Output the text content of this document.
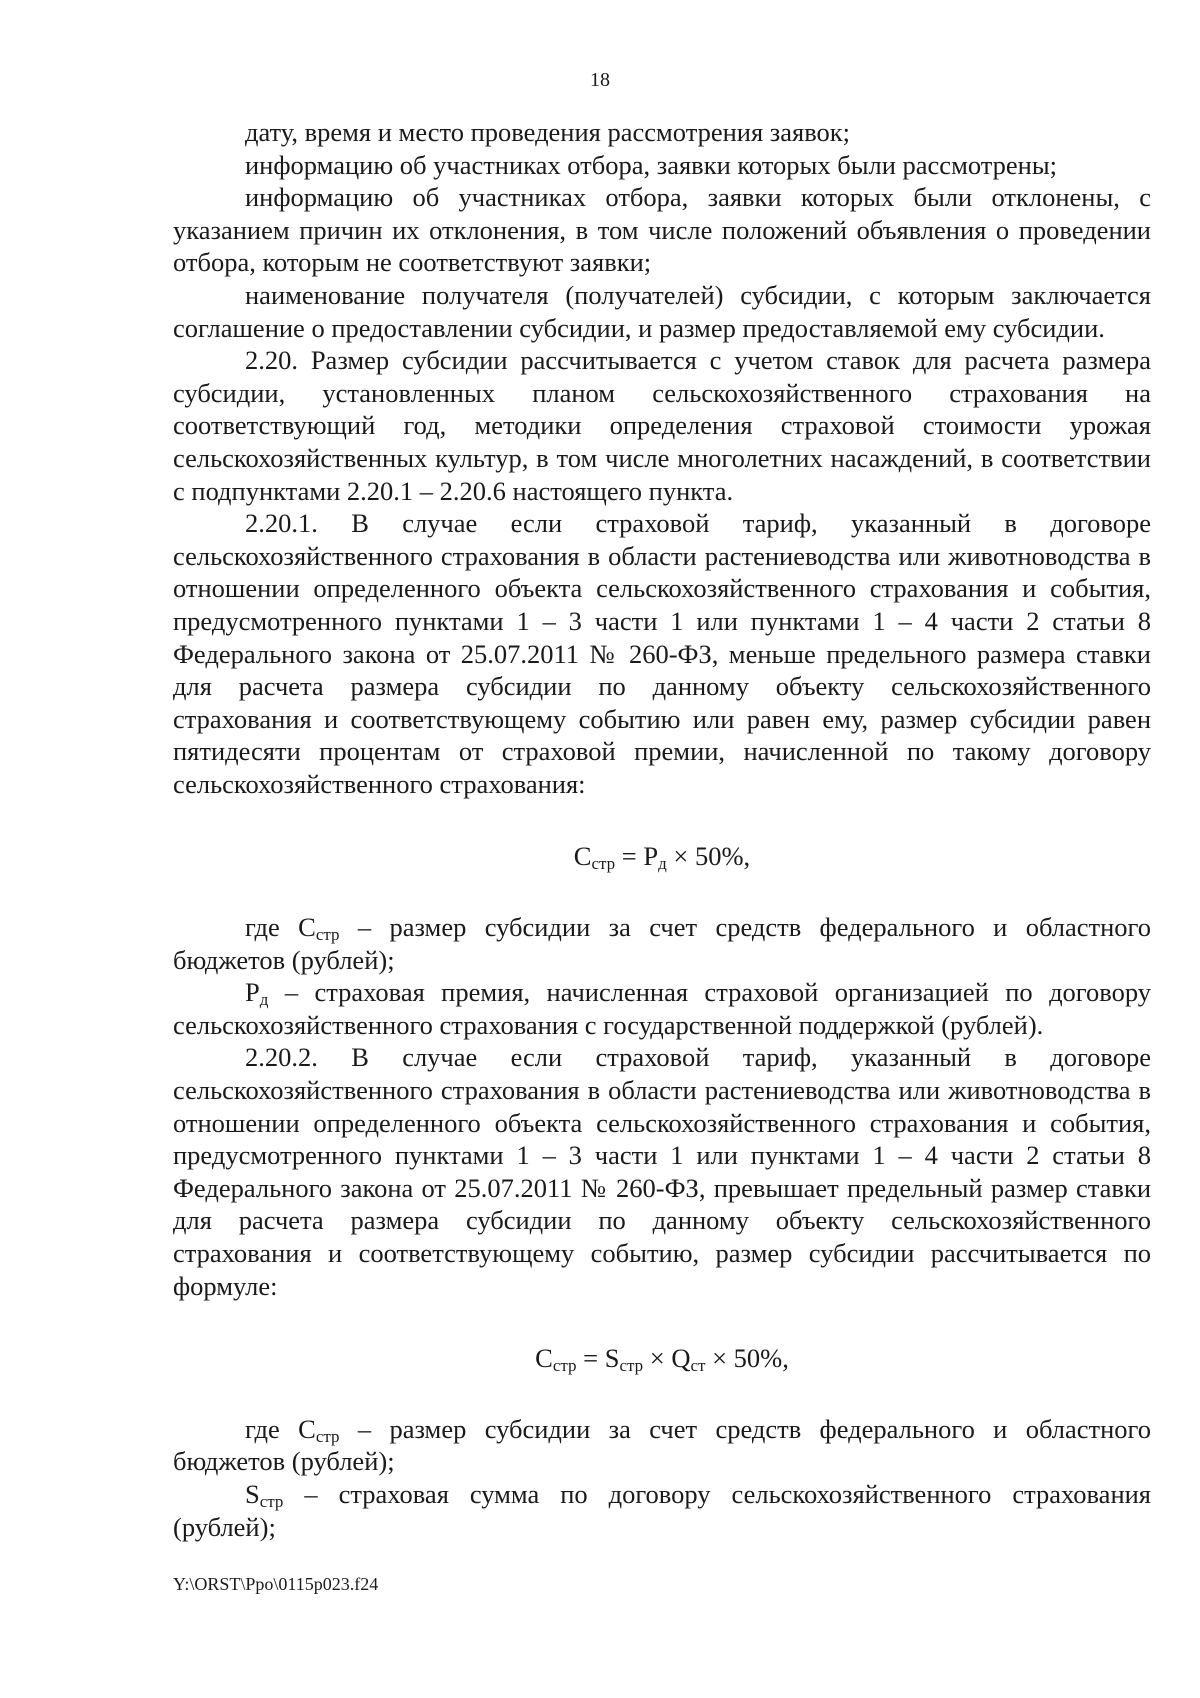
18

дату, время и место проведения рассмотрения заявок;

информацию об участниках отбора, заявки которых были рассмотрены;

информацию об участниках отбора, заявки которых были отклонены, с указанием причин их отклонения, в том числе положений объявления о проведении отбора, которым не соответствуют заявки;

наименование получателя (получателей) субсидии, с которым заключается соглашение о предоставлении субсидии, и размер предоставляемой ему субсидии.

2.20. Размер субсидии рассчитывается с учетом ставок для расчета размера субсидии, установленных планом сельскохозяйственного страхования на соответствующий год, методики определения страховой стоимости урожая сельскохозяйственных культур, в том числе многолетних насаждений, в соответствии с подпунктами 2.20.1 – 2.20.6 настоящего пункта.

2.20.1. В случае если страховой тариф, указанный в договоре сельскохозяйственного страхования в области растениеводства или животноводства в отношении определенного объекта сельскохозяйственного страхования и события, предусмотренного пунктами 1 – 3 части 1 или пунктами 1 – 4 части 2 статьи 8 Федерального закона от 25.07.2011 № 260-ФЗ, меньше предельного размера ставки для расчета размера субсидии по данному объекту сельскохозяйственного страхования и соответствующему событию или равен ему, размер субсидии равен пятидесяти процентам от страховой премии, начисленной по такому договору сельскохозяйственного страхования:

$С_{стр} = Р_д \times 50\%$,

где $С_{стр}$ – размер субсидии за счет средств федерального и областного бюджетов (рублей);

$Р_д$ – страховая премия, начисленная страховой организацией по договору сельскохозяйственного страхования с государственной поддержкой (рублей).

2.20.2. В случае если страховой тариф, указанный в договоре сельскохозяйственного страхования в области растениеводства или животноводства в отношении определенного объекта сельскохозяйственного страхования и события, предусмотренного пунктами 1 – 3 части 1 или пунктами 1 – 4 части 2 статьи 8 Федерального закона от 25.07.2011 № 260-ФЗ, превышает предельный размер ставки для расчета размера субсидии по данному объекту сельскохозяйственного страхования и соответствующему событию, размер субсидии рассчитывается по формуле:

$С_{стр} = S_{стр} \times Q_{ст} \times 50\%$,

где $С_{стр}$ – размер субсидии за счет средств федерального и областного бюджетов (рублей);

$S_{стр}$ – страховая сумма по договору сельскохозяйственного страхования (рублей);

Y:\ORST\Ppo\0115p023.f24
